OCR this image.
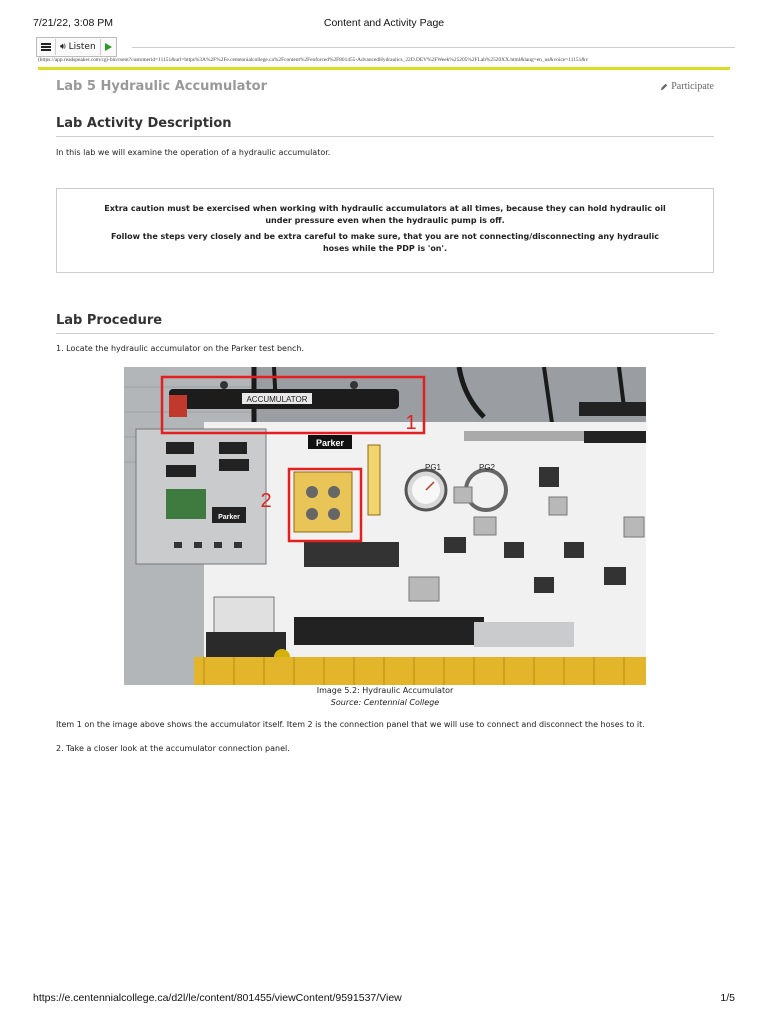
7/21/22, 3:08 PM	Content and Activity Page
🔊︎ Listen
(https://app.readspeaker.com/cgi-bin/rsent?customerid=11151&url=https%3A%2F%2Fe.centennialcollege.ca%2Fcontent%2Fenforced%2F801455-AdvancedHydraulics_22D.DEV%2FWeek%25205%2FLab%2520XX.html&lang=en_us&voice=11151&v
Lab 5 Hydraulic Accumulator	Participate
Lab Activity Description
In this lab we will examine the operation of a hydraulic accumulator.

Extra caution must be exercised when working with hydraulic accumulators at all times, because they can hold hydraulic oil under pressure even when the hydraulic pump is off.

Follow the steps very closely and be extra careful to make sure, that you are not connecting/disconnecting any hydraulic hoses while the PDP is 'on'.

Lab Procedure
1. Locate the hydraulic accumulator on the Parker test bench.
ACCUMULATOR
Parker
Parker
PG1	PG2
1
2
Image 5.2: Hydraulic Accumulator
Source: Centennial College
Item 1 on the image above shows the accumulator itself. Item 2 is the connection panel that we will use to connect and disconnect the hoses to it.
2. Take a closer look at the accumulator connection panel.
https://e.centennialcollege.ca/d2l/le/content/801455/viewContent/9591537/View	1/5
